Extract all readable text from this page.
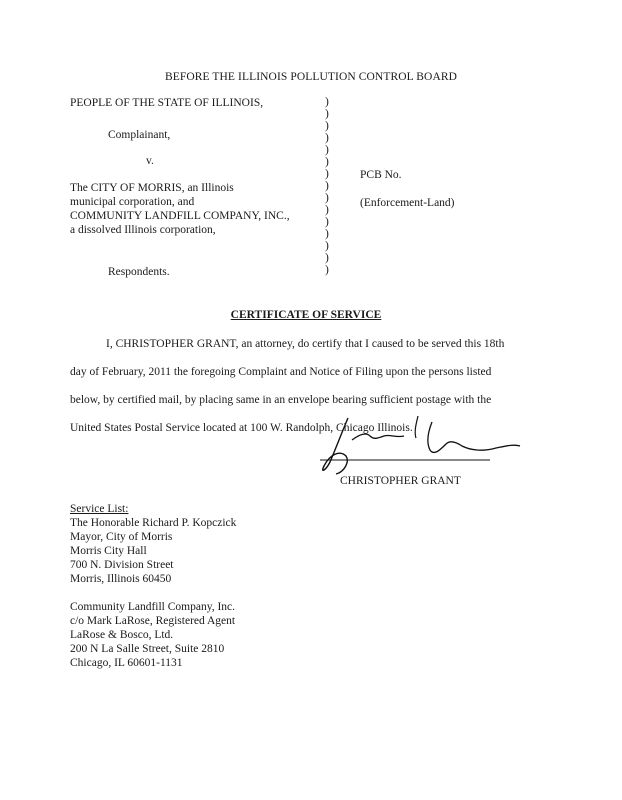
BEFORE THE ILLINOIS POLLUTION CONTROL BOARD
PEOPLE OF THE STATE OF ILLINOIS,
Complainant,
v.
The CITY OF MORRIS, an Illinois
municipal corporation, and
COMMUNITY LANDFILL COMPANY, INC.,
a dissolved Illinois corporation,
Respondents.
)
)
)
)
)
)
)
)
)
)
)
)
)
)
)
PCB No.
(Enforcement-Land)
CERTIFICATE OF SERVICE
I, CHRISTOPHER GRANT, an attorney, do certify that I caused to be served this 18th
day of February, 2011 the foregoing Complaint and Notice of Filing upon the persons listed
below, by certified mail, by placing same in an envelope bearing sufficient postage with the
United States Postal Service located at 100 W. Randolph, Chicago Illinois.
CHRISTOPHER GRANT
Service List:
The Honorable Richard P. Kopczick
Mayor, City of Morris
Morris City Hall
700 N. Division Street
Morris, Illinois 60450
Community Landfill Company, Inc.
c/o Mark LaRose, Registered Agent
LaRose & Bosco, Ltd.
200 N La Salle Street, Suite 2810
Chicago, IL 60601-1131
